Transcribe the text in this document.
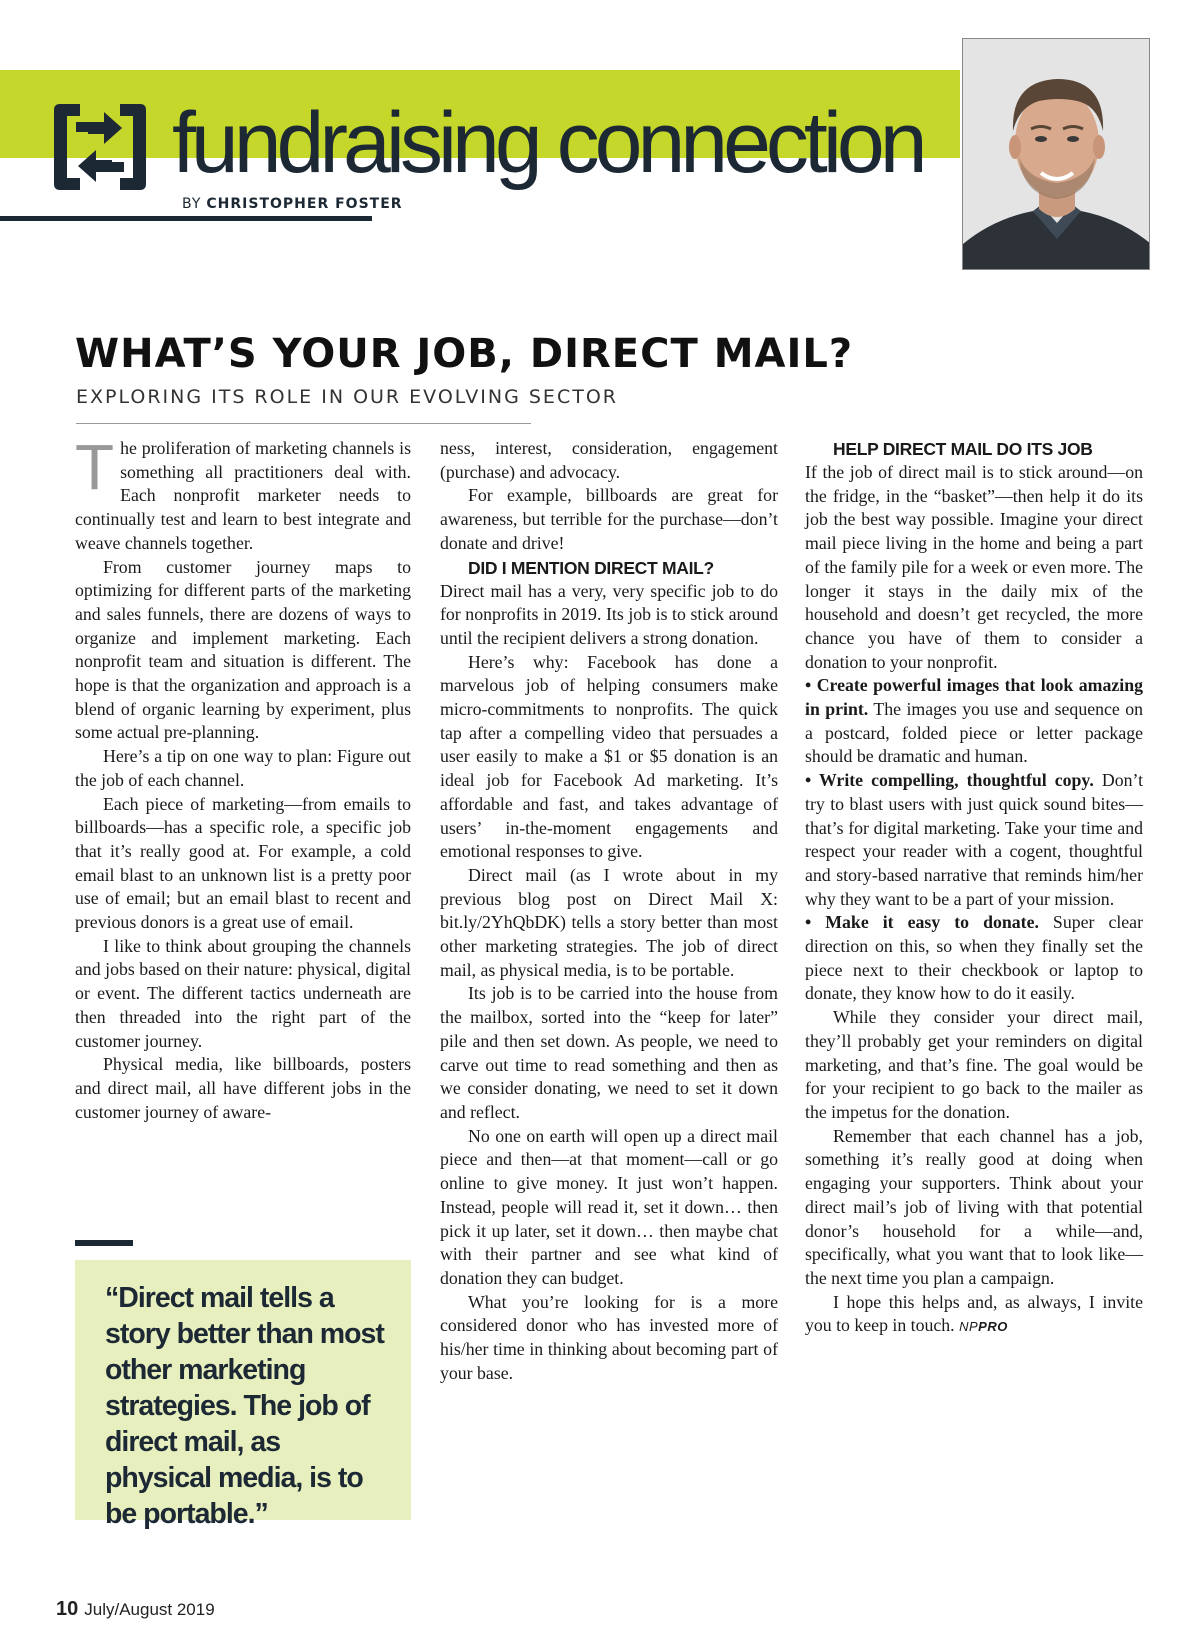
fundraising connection
BY CHRISTOPHER FOSTER
WHAT’S YOUR JOB, DIRECT MAIL?
EXPLORING ITS ROLE IN OUR EVOLVING SECTOR

The proliferation of marketing channels is something all practitioners deal with. Each nonprofit marketer needs to continually test and learn to best integrate and weave channels together.

From customer journey maps to optimizing for different parts of the marketing and sales funnels, there are dozens of ways to organize and implement marketing. Each nonprofit team and situation is different. The hope is that the organization and approach is a blend of organic learning by experiment, plus some actual pre-planning.

Here’s a tip on one way to plan: Figure out the job of each channel.

Each piece of marketing—from emails to billboards—has a specific role, a specific job that it’s really good at. For example, a cold email blast to an unknown list is a pretty poor use of email; but an email blast to recent and previous donors is a great use of email.

I like to think about grouping the channels and jobs based on their nature: physical, digital or event. The different tactics underneath are then threaded into the right part of the customer journey.

Physical media, like billboards, posters and direct mail, all have different jobs in the customer journey of aware-

“Direct mail tells a story better than most other marketing strategies. The job of direct mail, as physical media, is to be portable.”

ness, interest, consideration, engagement (purchase) and advocacy.

For example, billboards are great for awareness, but terrible for the purchase—don’t donate and drive!

DID I MENTION DIRECT MAIL?

Direct mail has a very, very specific job to do for nonprofits in 2019. Its job is to stick around until the recipient delivers a strong donation.

Here’s why: Facebook has done a marvelous job of helping consumers make micro-commitments to nonprofits. The quick tap after a compelling video that persuades a user easily to make a $1 or $5 donation is an ideal job for Facebook Ad marketing. It’s affordable and fast, and takes advantage of users’ in-the-moment engagements and emotional responses to give.

Direct mail (as I wrote about in my previous blog post on Direct Mail X: bit.ly/2YhQbDK) tells a story better than most other marketing strategies. The job of direct mail, as physical media, is to be portable.

Its job is to be carried into the house from the mailbox, sorted into the “keep for later” pile and then set down. As people, we need to carve out time to read something and then as we consider donating, we need to set it down and reflect.

No one on earth will open up a direct mail piece and then—at that moment—call or go online to give money. It just won’t happen. Instead, people will read it, set it down… then pick it up later, set it down… then maybe chat with their partner and see what kind of donation they can budget.

What you’re looking for is a more considered donor who has invested more of his/her time in thinking about becoming part of your base.

HELP DIRECT MAIL DO ITS JOB

If the job of direct mail is to stick around—on the fridge, in the “basket”—then help it do its job the best way possible. Imagine your direct mail piece living in the home and being a part of the family pile for a week or even more. The longer it stays in the daily mix of the household and doesn’t get recycled, the more chance you have of them to consider a donation to your nonprofit.

• Create powerful images that look amazing in print. The images you use and sequence on a postcard, folded piece or letter package should be dramatic and human.

• Write compelling, thoughtful copy. Don’t try to blast users with just quick sound bites—that’s for digital marketing. Take your time and respect your reader with a cogent, thoughtful and story-based narrative that reminds him/her why they want to be a part of your mission.

• Make it easy to donate. Super clear direction on this, so when they finally set the piece next to their checkbook or laptop to donate, they know how to do it easily.

While they consider your direct mail, they’ll probably get your reminders on digital marketing, and that’s fine. The goal would be for your recipient to go back to the mailer as the impetus for the donation.

Remember that each channel has a job, something it’s really good at doing when engaging your supporters. Think about your direct mail’s job of living with that potential donor’s household for a while—and, specifically, what you want that to look like—the next time you plan a campaign.

I hope this helps and, as always, I invite you to keep in touch. NPPRO

10 July/August 2019
